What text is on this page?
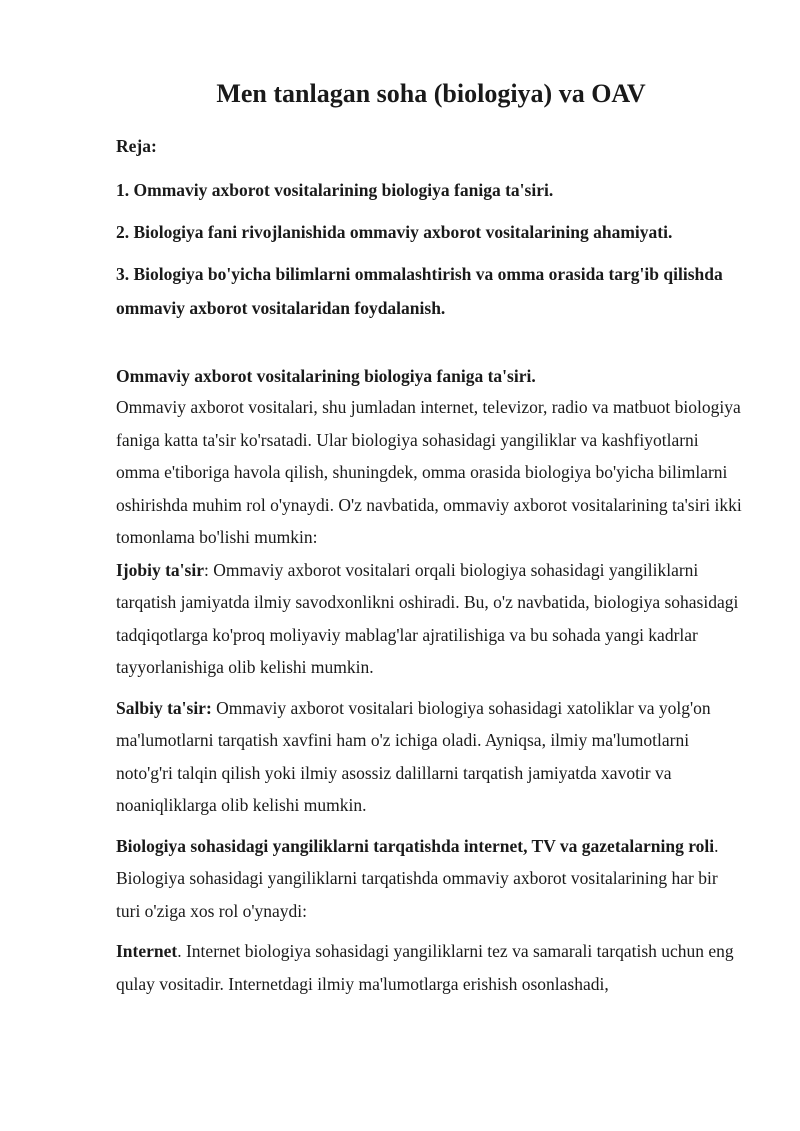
Men tanlagan soha (biologiya) va OAV

Reja:

1. Ommaviy axborot vositalarining biologiya faniga ta'siri.

2. Biologiya fani rivojlanishida ommaviy axborot vositalarining ahamiyati.

3. Biologiya bo'yicha bilimlarni ommalashtirish va omma orasida targ'ib qilishda ommaviy axborot vositalaridan foydalanish.

Ommaviy axborot vositalarining biologiya faniga ta'siri.

Ommaviy axborot vositalari, shu jumladan internet, televizor, radio va matbuot biologiya faniga katta ta'sir ko'rsatadi. Ular biologiya sohasidagi yangiliklar va kashfiyotlarni omma e'tiboriga havola qilish, shuningdek, omma orasida biologiya bo'yicha bilimlarni oshirishda muhim rol o'ynaydi. O'z navbatida, ommaviy axborot vositalarining ta'siri ikki tomonlama bo'lishi mumkin:

Ijobiy ta'sir: Ommaviy axborot vositalari orqali biologiya sohasidagi yangiliklarni tarqatish jamiyatda ilmiy savodxonlikni oshiradi. Bu, o'z navbatida, biologiya sohasidagi tadqiqotlarga ko'proq moliyaviy mablag'lar ajratilishiga va bu sohada yangi kadrlar tayyorlanishiga olib kelishi mumkin.

Salbiy ta'sir: Ommaviy axborot vositalari biologiya sohasidagi xatoliklar va yolg'on ma'lumotlarni tarqatish xavfini ham o'z ichiga oladi. Ayniqsa, ilmiy ma'lumotlarni noto'g'ri talqin qilish yoki ilmiy asossiz dalillarni tarqatish jamiyatda xavotir va noaniqliklarga olib kelishi mumkin.

Biologiya sohasidagi yangiliklarni tarqatishda internet, TV va gazetalarning roli. Biologiya sohasidagi yangiliklarni tarqatishda ommaviy axborot vositalarining har bir turi o'ziga xos rol o'ynaydi:

Internet. Internet biologiya sohasidagi yangiliklarni tez va samarali tarqatish uchun eng qulay vositadir. Internetdagi ilmiy ma'lumotlarga erishish osonlashadi,
